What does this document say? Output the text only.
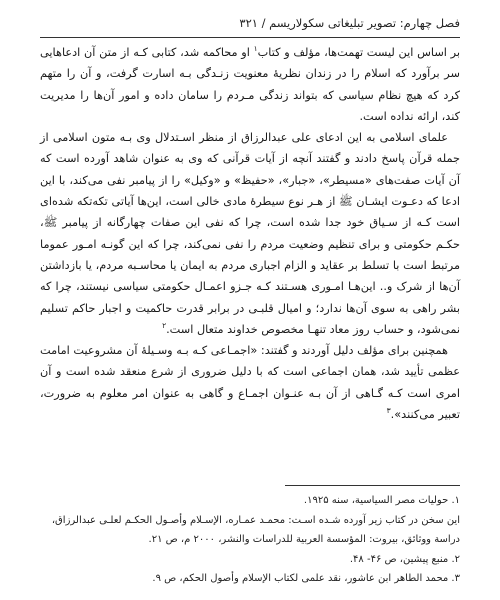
فصل چهارم: تصویر تبلیغاتی سکولاریسم / ۳۲۱

بر اساس این لیست تهمت‌ها، مؤلف و کتاب$^۱$ او محاکمه شد، کتابی کـه از متن آن ادعاهایی سر برآورد که اسلام را در زندان نظریهٔ معنویت زنـدگی بـه اسارت گرفت، و آن را متهم کرد که هیچ نظام سیاسی که بتواند زندگی مـردم را سامان داده و امور آن‌ها را مدیریت کند، ارائه نداده است.

علمای اسلامی به این ادعای علی عبدالرزاق از منظر اسـتدلال وی بـه متون اسلامی از جمله قرآن پاسخ دادند و گفتند آنچه از آیات قرآنی که وی به عنوان شاهد آورده است که آن آیات صفت‌های «مسیطر»، «جبار»، «حفیظ» و «وکیل» را از پیامبر نفی می‌کند، با این ادعا که دعـوت ایشـان ﷺ از هـر نوع سیطرهٔ مادی خالی است، این‌ها آیاتی تکه‌تکه شده‌ای است کـه از سـیاق خود جدا شده است، چرا که نفی این صفات چهارگانه از پیامبر ﷺ، حکـم حکومتی و برای تنظیم وضعیت مردم را نفی نمی‌کند، چرا که این گونـه امـور عموما مرتبط است با تسلط بر عقاید و الزام اجباری مردم به ایمان یا محاسـبه مردم، یا بازداشتن آن‌ها از شرک و.. این‌هـا امـوری هسـتند کـه جـزو اعمـال حکومتی سیاسی نیستند، چرا که بشر راهی به سوی آن‌ها ندارد؛ و امیال قلبـی در برابر قدرت حاکمیت و اجبار حاکم تسلیم نمی‌شود، و حساب روز معاد تنهـا مخصوص خداوند متعال است.$^۲$

همچنین برای مؤلف دلیل آوردند و گفتند: «اجمـاعی کـه بـه وسـیلهٔ آن مشروعیت امامت عظمی تأیید شد، همان اجماعی است که با دلیل ضروری از شرع منعقد شده است و آن امری است کـه گـاهی از آن بـه عنـوان اجمـاع و گاهی به عنوان امر معلوم به ضرورت، تعبیر می‌کنند».$^۳$

۱. حولیات مصر السیاسیة، سنه ۱۹۲۵.

این سخن در کتاب زیر آورده شـده اسـت: محمـد عمـاره، الإسـلام وأصـول الحکـم لعلـی عبدالرزاق، دراسة ووثائق، بیروت: المؤسسة العربیة للدراسات والنشر، ۲۰۰۰ م، ص ۲۱.

۲. منبع پیشین، ص ۴۶- ۴۸.

۳. محمد الطاهر ابن عاشور، نقد علمی لکتاب الإسلام وأصول الحکم، ص ۹.
